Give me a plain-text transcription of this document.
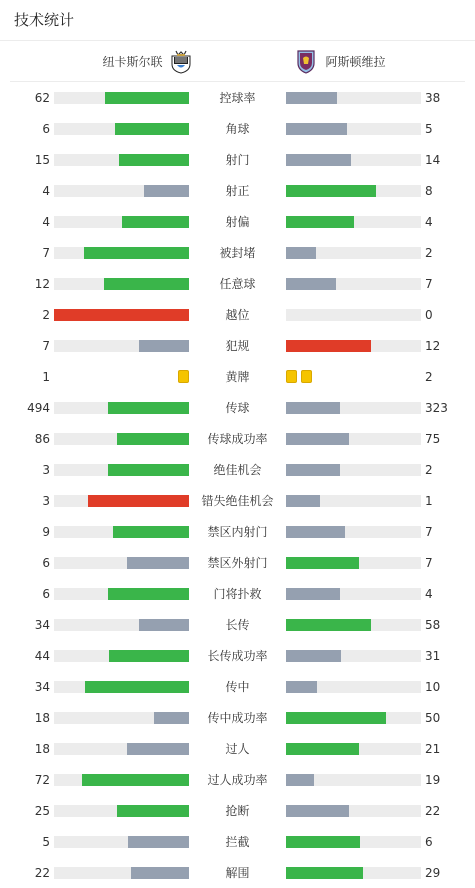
技术统计
纽卡斯尔联	阿斯顿维拉
62	控球率	38
6	角球	5
15	射门	14
4	射正	8
4	射偏	4
7	被封堵	2
12	任意球	7
2	越位	0
7	犯规	12
1	黄牌	2
494	传球	323
86	传球成功率	75
3	绝佳机会	2
3	错失绝佳机会	1
9	禁区内射门	7
6	禁区外射门	7
6	门将扑救	4
34	长传	58
44	长传成功率	31
34	传中	10
18	传中成功率	50
18	过人	21
72	过人成功率	19
25	抢断	22
5	拦截	6
22	解围	29
